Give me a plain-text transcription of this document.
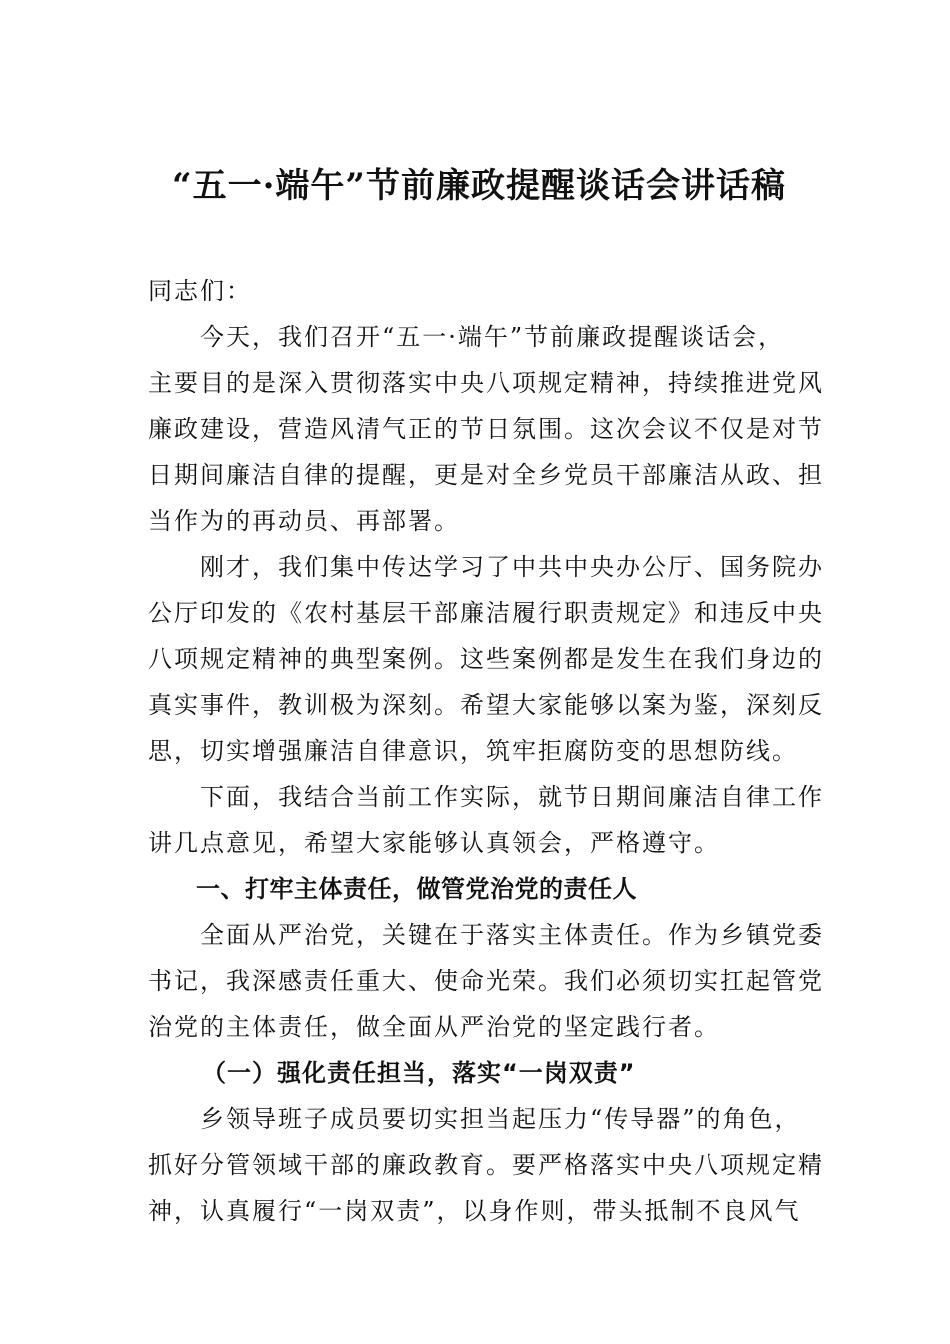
“五一·端午”节前廉政提醒谈话会讲话稿

同志们：

今天，我们召开“五一·端午”节前廉政提醒谈话会，
主要目的是深入贯彻落实中央八项规定精神，持续推进党风
廉政建设，营造风清气正的节日氛围。这次会议不仅是对节
日期间廉洁自律的提醒，更是对全乡党员干部廉洁从政、担
当作为的再动员、再部署。

刚才，我们集中传达学习了中共中央办公厅、国务院办
公厅印发的《农村基层干部廉洁履行职责规定》和违反中央
八项规定精神的典型案例。这些案例都是发生在我们身边的
真实事件，教训极为深刻。希望大家能够以案为鉴，深刻反
思，切实增强廉洁自律意识，筑牢拒腐防变的思想防线。

下面，我结合当前工作实际，就节日期间廉洁自律工作
讲几点意见，希望大家能够认真领会，严格遵守。

一、打牢主体责任，做管党治党的责任人

全面从严治党，关键在于落实主体责任。作为乡镇党委
书记，我深感责任重大、使命光荣。我们必须切实扛起管党
治党的主体责任，做全面从严治党的坚定践行者。

（一）强化责任担当，落实“一岗双责”

乡领导班子成员要切实担当起压力“传导器”的角色，
抓好分管领域干部的廉政教育。要严格落实中央八项规定精
神，认真履行“一岗双责”，以身作则，带头抵制不良风气
